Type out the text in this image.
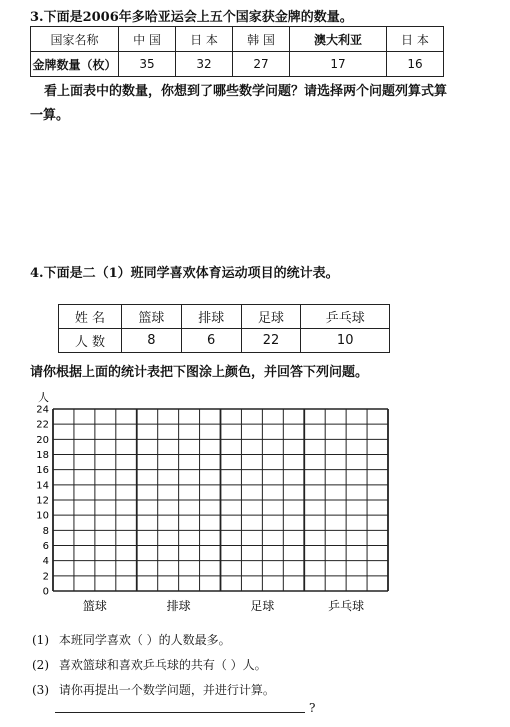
3.下面是2006年多哈亚运会上五个国家获金牌的数量。
国家名称	中 国	日 本	韩 国	澳大利亚	日 本
金牌数量（枚）	35	32	27	17	16
看上面表中的数量，你想到了哪些数学问题？请选择两个问题列算式算
一算。
4.下面是二（1）班同学喜欢体育运动项目的统计表。
姓 名	篮球	排球	足球	乒乓球
人 数	8	6	22	10
请你根据上面的统计表把下图涂上颜色，并回答下列问题。
人
0
2
4
6
8
10
12
14
16
18
20
22
24
篮球	排球	足球	乒乓球
(1) 本班同学喜欢（ ）的人数最多。
(2) 喜欢篮球和喜欢乒乓球的共有（ ）人。
(3) 请你再提出一个数学问题，并进行计算。
?
